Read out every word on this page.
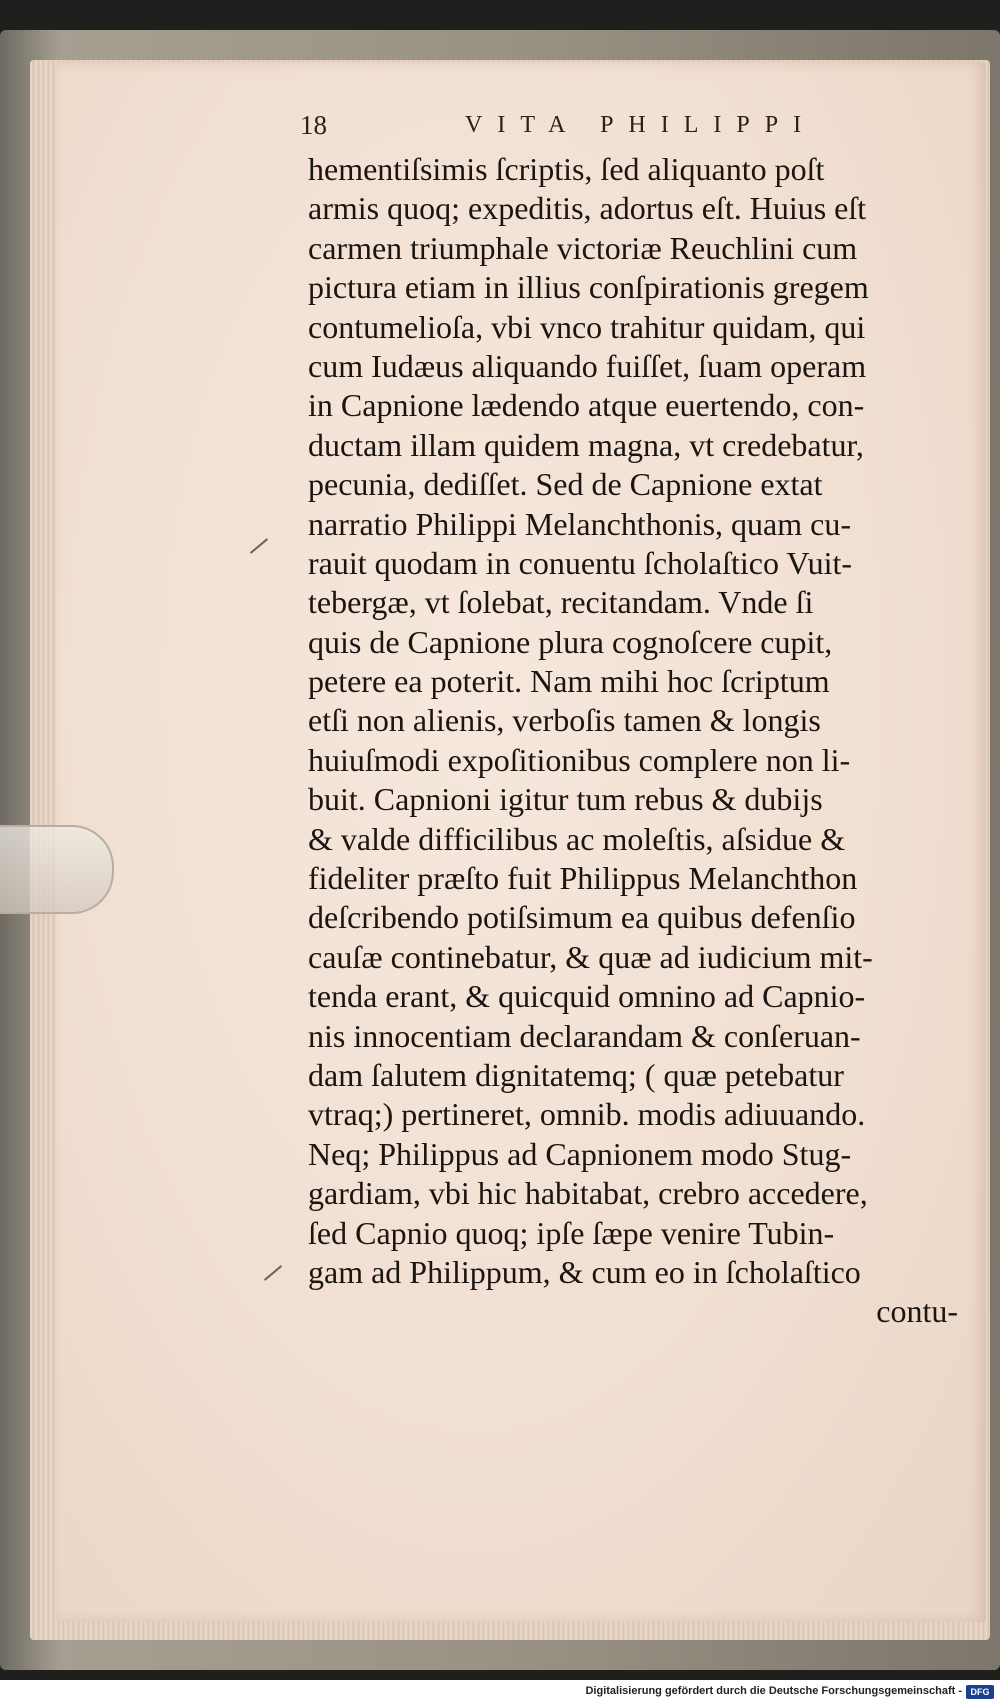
18	VITA PHILIPPI
hementiſsimis ſcriptis, ſed aliquanto poſt
armis quoq; expeditis, adortus eſt. Huius eſt
carmen triumphale victoriæ Reuchlini cum
pictura etiam in illius conſpirationis gregem
contumelioſa, vbi vnco trahitur quidam, qui
cum Iudæus aliquando fuiſſet, ſuam operam
in Capnione lædendo atque euertendo, con-
ductam illam quidem magna, vt credebatur,
pecunia, dediſſet. Sed de Capnione extat
narratio Philippi Melanchthonis, quam cu-
rauit quodam in conuentu ſcholaſtico Vuit-
tebergæ, vt ſolebat, recitandam. Vnde ſi
quis de Capnione plura cognoſcere cupit,
petere ea poterit. Nam mihi hoc ſcriptum
etſi non alienis, verboſis tamen & longis
huiuſmodi expoſitionibus complere non li-
buit. Capnioni igitur tum rebus & dubijs
& valde difficilibus ac moleſtis, aſsidue &
fideliter præſto fuit Philippus Melanchthon
deſcribendo potiſsimum ea quibus defenſio
cauſæ continebatur, & quæ ad iudicium mit-
tenda erant, & quicquid omnino ad Capnio-
nis innocentiam declarandam & conſeruan-
dam ſalutem dignitatemq; ( quæ petebatur
vtraq;) pertineret, omnib. modis adiuuando.
Neq; Philippus ad Capnionem modo Stug-
gardiam, vbi hic habitabat, crebro accedere,
ſed Capnio quoq; ipſe ſæpe venire Tubin-
gam ad Philippum, & cum eo in ſcholaſtico
contu-
Digitalisierung gefördert durch die Deutsche Forschungsgemeinschaft - DFG
